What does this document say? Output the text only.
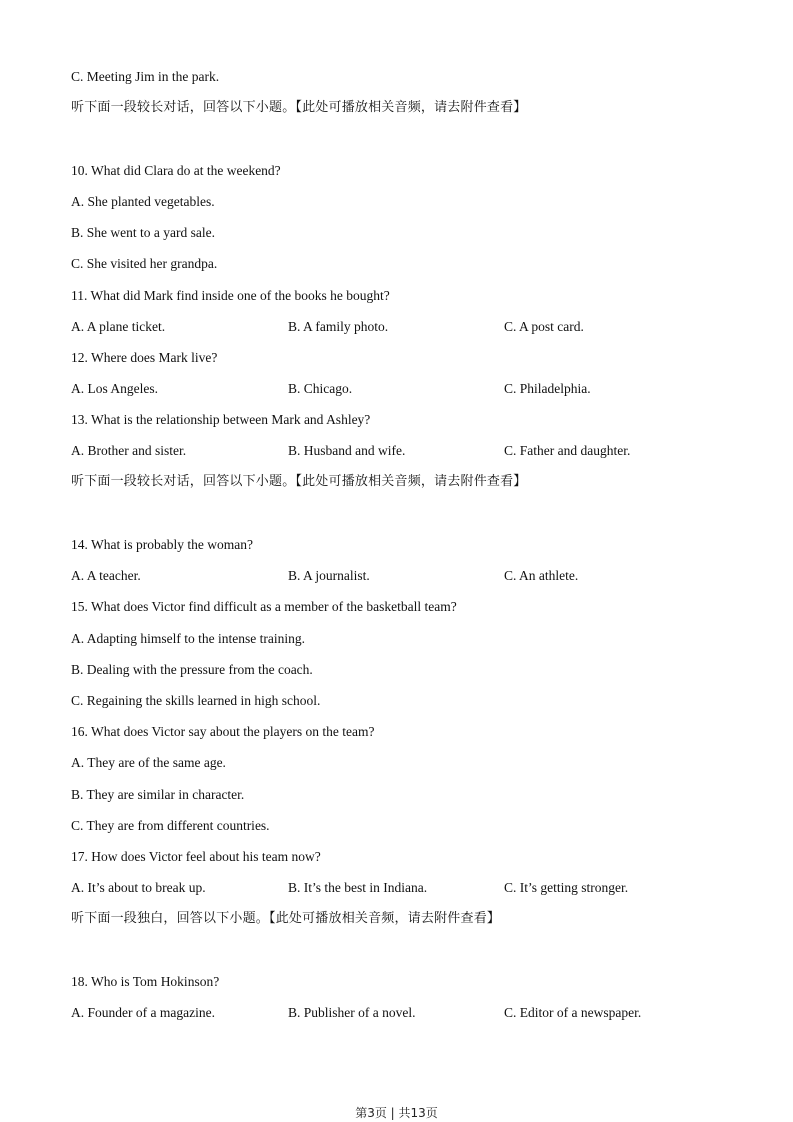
C. Meeting Jim in the park.
听下面一段较长对话，回答以下小题。【此处可播放相关音频，请去附件查看】
10. What did Clara do at the weekend?
A. She planted vegetables.
B. She went to a yard sale.
C. She visited her grandpa.
11. What did Mark find inside one of the books he bought?
A. A plane ticket.	B. A family photo.	C. A post card.
12. Where does Mark live?
A. Los Angeles.	B. Chicago.	C. Philadelphia.
13. What is the relationship between Mark and Ashley?
A. Brother and sister.	B. Husband and wife.	C. Father and daughter.
听下面一段较长对话，回答以下小题。【此处可播放相关音频，请去附件查看】
14. What is probably the woman?
A. A teacher.	B. A journalist.	C. An athlete.
15. What does Victor find difficult as a member of the basketball team?
A. Adapting himself to the intense training.
B. Dealing with the pressure from the coach.
C. Regaining the skills learned in high school.
16. What does Victor say about the players on the team?
A. They are of the same age.
B. They are similar in character.
C. They are from different countries.
17. How does Victor feel about his team now?
A. It’s about to break up.	B. It’s the best in Indiana.	C. It’s getting stronger.
听下面一段独白，回答以下小题。【此处可播放相关音频，请去附件查看】
18. Who is Tom Hokinson?
A. Founder of a magazine.	B. Publisher of a novel.	C. Editor of a newspaper.
第3页 | 共13页
